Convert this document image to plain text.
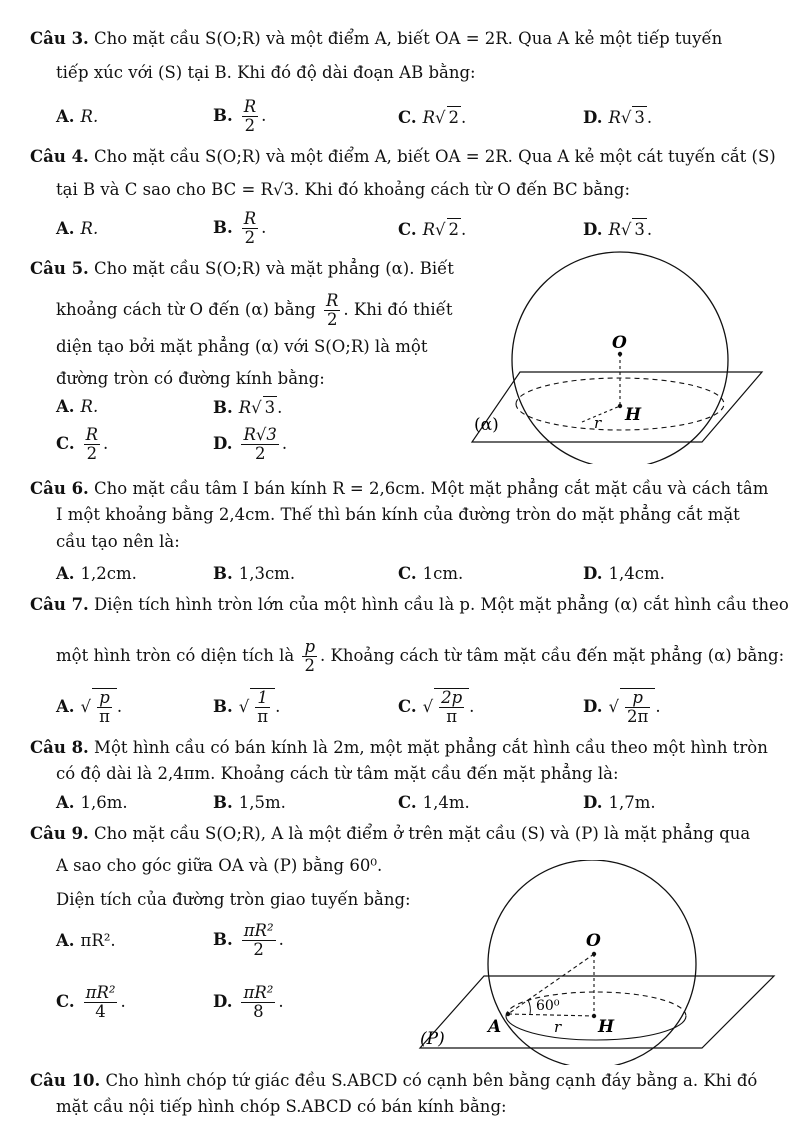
Câu 3. Cho mặt cầu S(O;R) và một điểm A, biết OA = 2R. Qua A kẻ một tiếp tuyến
tiếp xúc với (S) tại B. Khi đó độ dài đoạn AB bằng:
A. R.	B. $\frac{R}{2}$ .	C. R√ 2 .	D. R√ 3 .
Câu 4. Cho mặt cầu S(O;R) và một điểm A, biết OA = 2R. Qua A kẻ một cát tuyến cắt (S)
tại B và C sao cho BC = R√3. Khi đó khoảng cách từ O đến BC bằng:
A. R.	B. $\frac{R}{2}$ .	C. R√ 2 .	D. R√ 3 .
Câu 5. Cho mặt cầu S(O;R) và mặt phẳng (α). Biết
khoảng cách từ O đến (α) bằng $\frac{R}{2}$ . Khi đó thiết
diện tạo bởi mặt phẳng (α) với S(O;R) là một
đường tròn có đường kính bằng:
A. R.	B. R√ 3 .
C. $\frac{R}{2}$ .	D. $\frac{R√3}{2}$ .
O
H
r
(α)
Câu 6. Cho mặt cầu tâm I bán kính R = 2,6cm. Một mặt phẳng cắt mặt cầu và cách tâm
I một khoảng bằng 2,4cm. Thế thì bán kính của đường tròn do mặt phẳng cắt mặt
cầu tạo nên là:
A. 1,2cm.	B. 1,3cm.	C. 1cm.	D. 1,4cm.
Câu 7. Diện tích hình tròn lớn của một hình cầu là p. Một mặt phẳng (α) cắt hình cầu theo
một hình tròn có diện tích là $\frac{p}{2}$ . Khoảng cách từ tâm mặt cầu đến mặt phẳng (α) bằng:
A. √ $\frac{p}{\pi}$ .	B. √ $\frac{1}{\pi}$ .	C. √ $\frac{2p}{\pi}$ .	D. √ $\frac{p}{2\pi}$ .
Câu 8. Một hình cầu có bán kính là 2m, một mặt phẳng cắt hình cầu theo một hình tròn
có độ dài là 2,4πm. Khoảng cách từ tâm mặt cầu đến mặt phẳng là:
A. 1,6m.	B. 1,5m.	C. 1,4m.	D. 1,7m.
Câu 9. Cho mặt cầu S(O;R), A là một điểm ở trên mặt cầu (S) và (P) là mặt phẳng qua
A sao cho góc giữa OA và (P) bằng 60⁰.
Diện tích của đường tròn giao tuyến bằng:
A. πR².	B. $\frac{\text{πR²}}{2}$ .
C. $\frac{\text{πR²}}{4}$ .	D. $\frac{\text{πR²}}{8}$ .
O
A	H
r
60⁰
(P)
Câu 10. Cho hình chóp tứ giác đều S.ABCD có cạnh bên bằng cạnh đáy bằng a. Khi đó
mặt cầu nội tiếp hình chóp S.ABCD có bán kính bằng:
